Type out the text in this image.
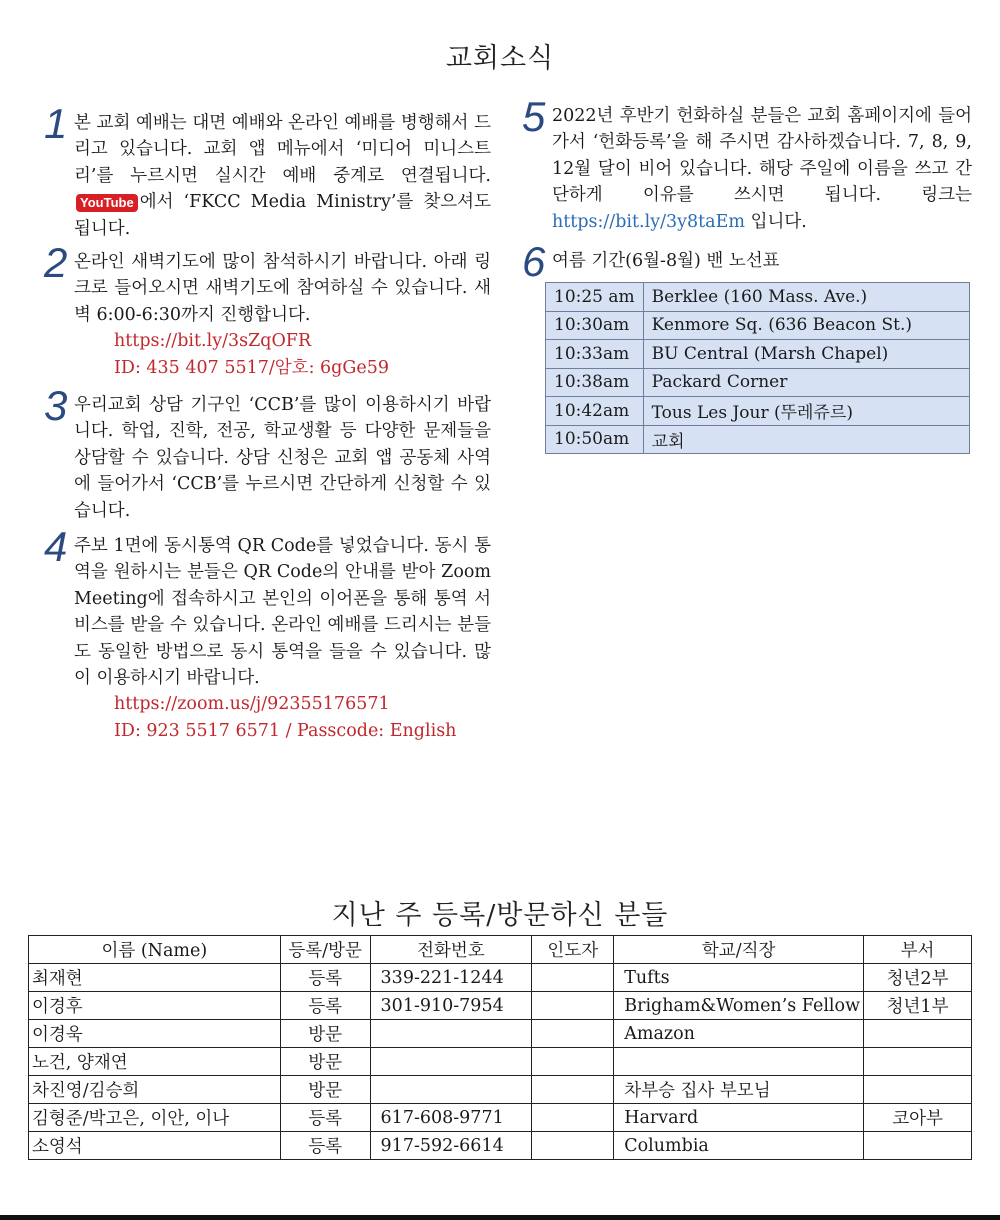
교회소식
1 본 교회 예배는 대면 예배와 온라인 예배를 병행해서 드리고 있습니다. 교회 앱 메뉴에서 ‘미디어 미니스트리’를 누르시면 실시간 예배 중계로 연결됩니다. YouTube 에서 ‘FKCC Media Ministry’를 찾으셔도 됩니다.
2 온라인 새벽기도에 많이 참석하시기 바랍니다. 아래 링크로 들어오시면 새벽기도에 참여하실 수 있습니다. 새벽 6:00-6:30까지 진행합니다.

https://bit.ly/3sZqOFR
ID: 435 407 5517/암호: 6gGe59
3 우리교회 상담 기구인 ‘CCB’를 많이 이용하시기 바랍니다. 학업, 진학, 전공, 학교생활 등 다양한 문제들을 상담할 수 있습니다. 상담 신청은 교회 앱 공동체 사역에 들어가서 ‘CCB’를 누르시면 간단하게 신청할 수 있습니다.

4 주보 1면에 동시통역 QR Code를 넣었습니다. 동시 통역을 원하시는 분들은 QR Code의 안내를 받아 Zoom Meeting에 접속하시고 본인의 이어폰을 통해 통역 서비스를 받을 수 있습니다. 온라인 예배를 드리시는 분들도 동일한 방법으로 동시 통역을 들을 수 있습니다. 많이 이용하시기 바랍니다.

https://zoom.us/j/92355176571
ID: 923 5517 6571 / Passcode: English
5 2022년 후반기 헌화하실 분들은 교회 홈페이지에 들어가서 ‘헌화등록’을 해 주시면 감사하겠습니다. 7, 8, 9, 12월 달이 비어 있습니다. 해당 주일에 이름을 쓰고 간단하게 이유를 쓰시면 됩니다. 링크는 https://bit.ly/3y8taEm 입니다.
6 여름 기간(6월-8월) 밴 노선표

10:25 am	Berklee (160 Mass. Ave.)
10:30am	Kenmore Sq. (636 Beacon St.)
10:33am	BU Central (Marsh Chapel)
10:38am	Packard Corner
10:42am	Tous Les Jour (뚜레쥬르)
10:50am	교회
지난 주 등록/방문하신 분들
이름 (Name)	등록/방문	전화번호	인도자	학교/직장	부서
최재현	등록	339-221-1244		Tufts	청년2부
이경후	등록	301-910-7954		Brigham&Women’s Fellow	청년1부
이경욱	방문			Amazon	
노건, 양재연	방문				
차진영/김승희	방문			차부승 집사 부모님	
김형준/박고은, 이안, 이나	등록	617-608-9771		Harvard	코아부
소영석	등록	917-592-6614		Columbia	
